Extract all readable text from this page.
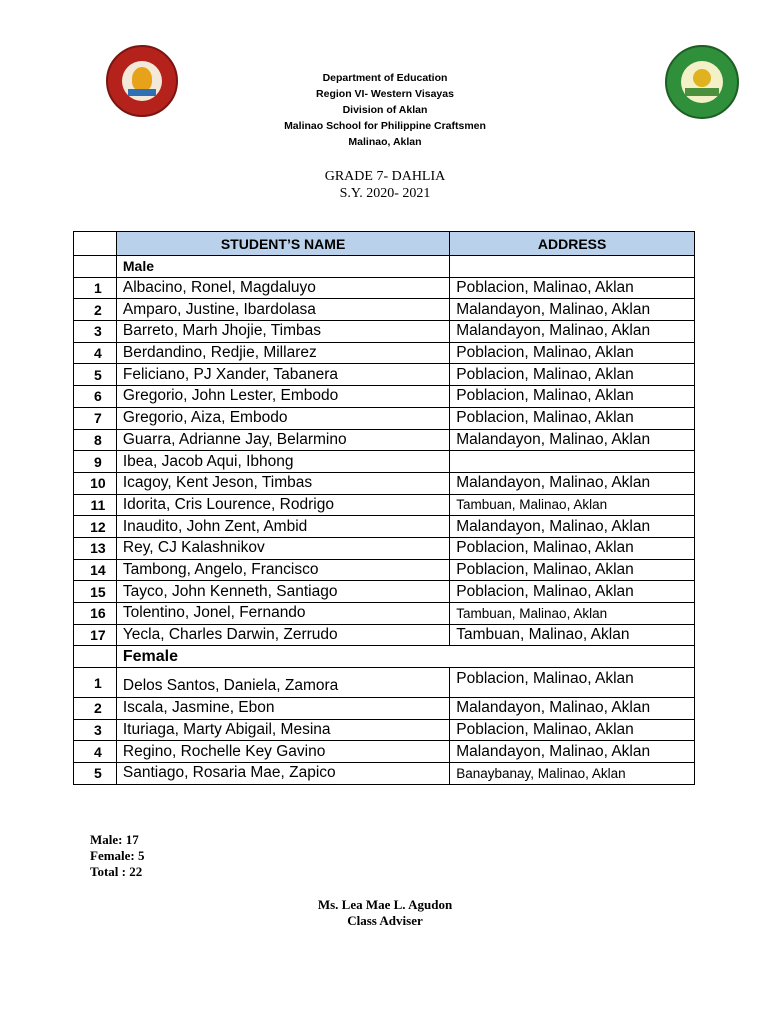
Department of Education
Region VI- Western Visayas
Division of Aklan
Malinao School for Philippine Craftsmen
Malinao, Aklan
GRADE 7- DAHLIA
S.Y. 2020- 2021
	STUDENT’S NAME	ADDRESS
	Male	
1	Albacino, Ronel, Magdaluyo	Poblacion, Malinao, Aklan
2	Amparo, Justine, Ibardolasa	Malandayon, Malinao, Aklan
3	Barreto, Marh Jhojie, Timbas	Malandayon, Malinao, Aklan
4	Berdandino, Redjie, Millarez	Poblacion, Malinao, Aklan
5	Feliciano, PJ Xander, Tabanera	Poblacion, Malinao, Aklan
6	Gregorio, John Lester, Embodo	Poblacion, Malinao, Aklan
7	Gregorio, Aiza, Embodo	Poblacion, Malinao, Aklan
8	Guarra, Adrianne Jay, Belarmino	Malandayon, Malinao, Aklan
9	Ibea, Jacob Aqui, Ibhong	
10	Icagoy, Kent Jeson, Timbas	Malandayon, Malinao, Aklan
11	Idorita, Cris Lourence, Rodrigo	Tambuan, Malinao, Aklan
12	Inaudito, John Zent, Ambid	Malandayon, Malinao, Aklan
13	Rey, CJ Kalashnikov	Poblacion, Malinao, Aklan
14	Tambong, Angelo, Francisco	Poblacion, Malinao, Aklan
15	Tayco, John Kenneth, Santiago	Poblacion, Malinao, Aklan
16	Tolentino, Jonel, Fernando	Tambuan, Malinao, Aklan
17	Yecla, Charles Darwin, Zerrudo	Tambuan, Malinao, Aklan
	Female	
1	Delos Santos, Daniela, Zamora	Poblacion, Malinao, Aklan
2	Iscala, Jasmine, Ebon	Malandayon, Malinao, Aklan
3	Ituriaga, Marty Abigail, Mesina	Poblacion, Malinao, Aklan
4	Regino, Rochelle Key Gavino	Malandayon, Malinao, Aklan
5	Santiago, Rosaria Mae, Zapico	Banaybanay, Malinao, Aklan
Male: 17
Female: 5
Total : 22
Ms. Lea Mae L. Agudon
Class Adviser
